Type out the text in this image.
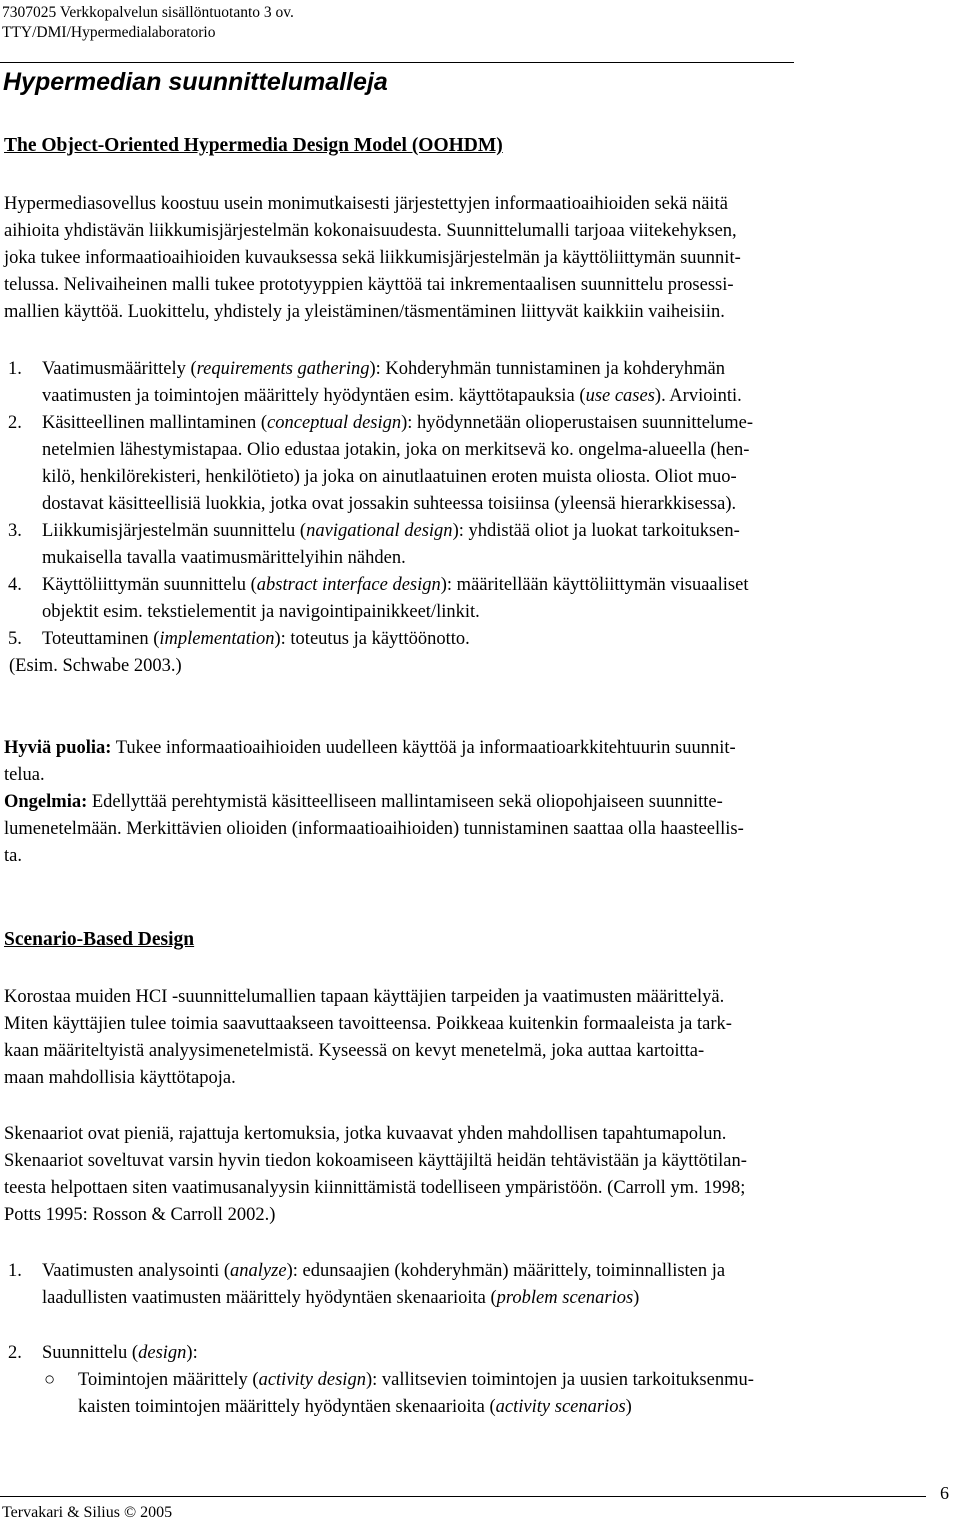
7307025 Verkkopalvelun sisällöntuotanto 3 ov.
TTY/DMI/Hypermedialaboratorio
Hypermedian suunnittelumalleja
The Object-Oriented Hypermedia Design Model (OOHDM)
Hypermediasovellus koostuu usein monimutkaisesti järjestettyjen informaatioaihioiden sekä näitä
aihioita yhdistävän liikkumisjärjestelmän kokonaisuudesta. Suunnittelumalli tarjoaa viitekehyksen,
joka tukee informaatioaihioiden kuvauksessa sekä liikkumisjärjestelmän ja käyttöliittymän suunnit-
telussa. Nelivaiheinen malli tukee prototyyppien käyttöä tai inkrementaalisen suunnittelu prosessi-
mallien käyttöä. Luokittelu, yhdistely ja yleistäminen/täsmentäminen liittyvät kaikkiin vaiheisiin.
1. Vaatimusmäärittely (requirements gathering): Kohderyhmän tunnistaminen ja kohderyhmän
vaatimusten ja toimintojen määrittely hyödyntäen esim. käyttötapauksia (use cases). Arviointi.
2. Käsitteellinen mallintaminen (conceptual design): hyödynnetään olioperustaisen suunnittelume-
netelmien lähestymistapaa. Olio edustaa jotakin, joka on merkitsevä ko. ongelma-alueella (hen-
kilö, henkilörekisteri, henkilötieto) ja joka on ainutlaatuinen eroten muista oliosta. Oliot muo-
dostavat käsitteellisiä luokkia, jotka ovat jossakin suhteessa toisiinsa (yleensä hierarkkisessa).
3. Liikkumisjärjestelmän suunnittelu (navigational design): yhdistää oliot ja luokat tarkoituksen-
mukaisella tavalla vaatimusmärittelyihin nähden.
4. Käyttöliittymän suunnittelu (abstract interface design): määritellään käyttöliittymän visuaaliset
objektit esim. tekstielementit ja navigointipainikkeet/linkit.
5. Toteuttaminen (implementation): toteutus ja käyttöönotto.
(Esim. Schwabe 2003.)
Hyviä puolia: Tukee informaatioaihioiden uudelleen käyttöä ja informaatioarkkitehtuurin suunnit-
telua.
Ongelmia: Edellyttää perehtymistä käsitteelliseen mallintamiseen sekä oliopohjaiseen suunnitte-
lumenetelmään. Merkittävien olioiden (informaatioaihioiden) tunnistaminen saattaa olla haasteellis-
ta.
Scenario-Based Design
Korostaa muiden HCI -suunnittelumallien tapaan käyttäjien tarpeiden ja vaatimusten määrittelyä.
Miten käyttäjien tulee toimia saavuttaakseen tavoitteensa. Poikkeaa kuitenkin formaaleista ja tark-
kaan määriteltyistä analyysimenetelmistä. Kyseessä on kevyt menetelmä, joka auttaa kartoitta-
maan mahdollisia käyttötapoja.
Skenaariot ovat pieniä, rajattuja kertomuksia, jotka kuvaavat yhden mahdollisen tapahtumapolun.
Skenaariot soveltuvat varsin hyvin tiedon kokoamiseen käyttäjiltä heidän tehtävistään ja käyttötilan-
teesta helpottaen siten vaatimusanalyysin kiinnittämistä todelliseen ympäristöön. (Carroll ym. 1998;
Potts 1995: Rosson & Carroll 2002.)
1. Vaatimusten analysointi (analyze): edunsaajien (kohderyhmän) määrittely, toiminnallisten ja
laadullisten vaatimusten määrittely hyödyntäen skenaarioita (problem scenarios)
2. Suunnittelu (design):
○ Toimintojen määrittely (activity design): vallitsevien toimintojen ja uusien tarkoituksenmu-
kaisten toimintojen määrittely hyödyntäen skenaarioita (activity scenarios)
6
Tervakari & Silius © 2005
